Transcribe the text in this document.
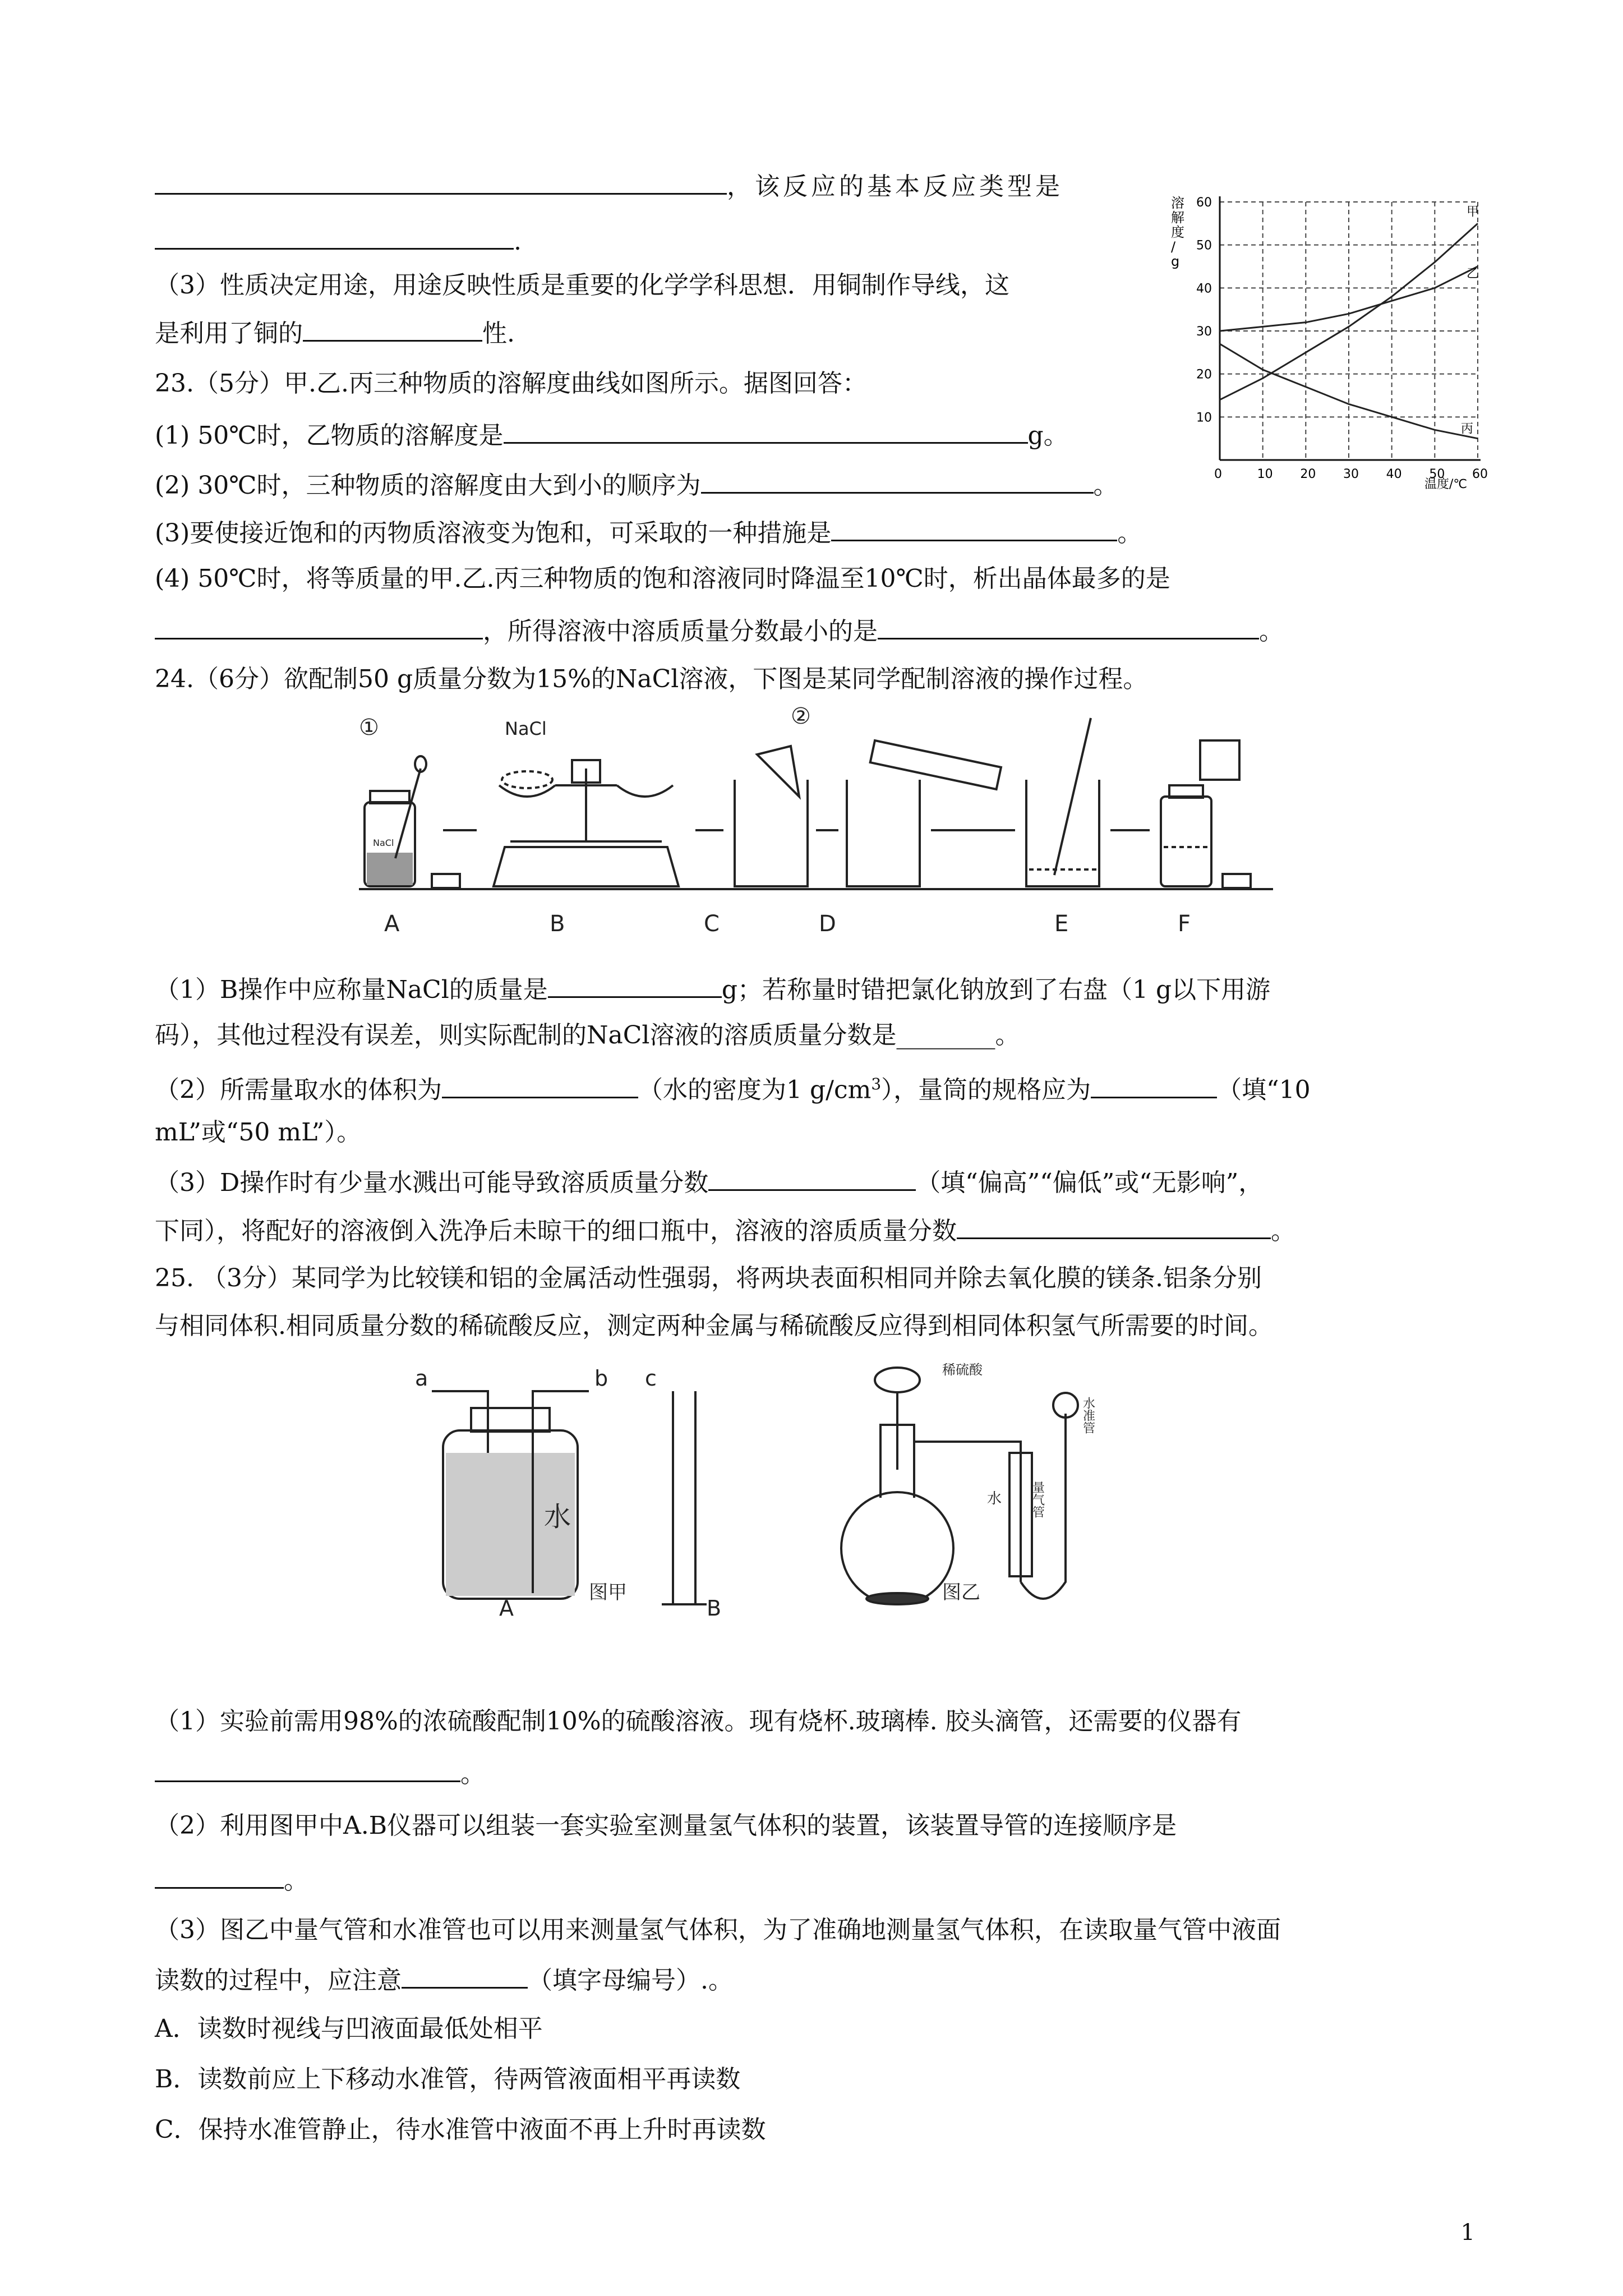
，该反应的基本反应类型是
.
（3）性质决定用途，用途反映性质是重要的化学学科思想．用铜制作导线，这
是利用了铜的	性.
23.（5分）甲.乙.丙三种物质的溶解度曲线如图所示。据图回答：
(1) 50℃时，乙物质的溶解度是	g。
(2) 30℃时，三种物质的溶解度由大到小的顺序为	。
(3)要使接近饱和的丙物质溶液变为饱和，可采取的一种措施是	。
(4) 50℃时，将等质量的甲.乙.丙三种物质的饱和溶液同时降温至10℃时，析出晶体最多的是
，所得溶液中溶质质量分数最小的是	。
24.（6分）欲配制50 g质量分数为15%的NaCl溶液，下图是某同学配制溶液的操作过程。
（1）B操作中应称量NaCl的质量是	g；若称量时错把氯化钠放到了右盘（1 g以下用游
码），其他过程没有误差，则实际配制的NaCl溶液的溶质质量分数是________。
（2）所需量取水的体积为	（水的密度为1 $g/cm^3$），量筒的规格应为	（填“10
mL”或“50 mL”）。
（3）D操作时有少量水溅出可能导致溶质质量分数	（填“偏高”“偏低”或“无影响”，
下同），将配好的溶液倒入洗净后未晾干的细口瓶中，溶液的溶质质量分数	。
25. （3分）某同学为比较镁和铝的金属活动性强弱，将两块表面积相同并除去氧化膜的镁条.铝条分别
与相同体积.相同质量分数的稀硫酸反应，测定两种金属与稀硫酸反应得到相同体积氢气所需要的时间。
（1）实验前需用98%的浓硫酸配制10%的硫酸溶液。现有烧杯.玻璃棒. 胶头滴管，还需要的仪器有
。
（2）利用图甲中A.B仪器可以组装一套实验室测量氢气体积的装置，该装置导管的连接顺序是
。
（3）图乙中量气管和水准管也可以用来测量氢气体积，为了准确地测量氢气体积，在读取量气管中液面
读数的过程中，应注意	（填字母编号）.。
A．读数时视线与凹液面最低处相平
B．读数前应上下移动水准管，待两管液面相平再读数
C．保持水准管静止，待水准管中液面不再上升时再读数
1
甲
乙
丙
0	10 20 30 40 50 60
10
20
30
40
50
60
溶解度/ g
温度/℃
①	NaCl
NaCl
②
A	B	C	D	E	F
a	b c
水
A	B
图甲	图乙
稀硫酸
水 量气管
水准管
